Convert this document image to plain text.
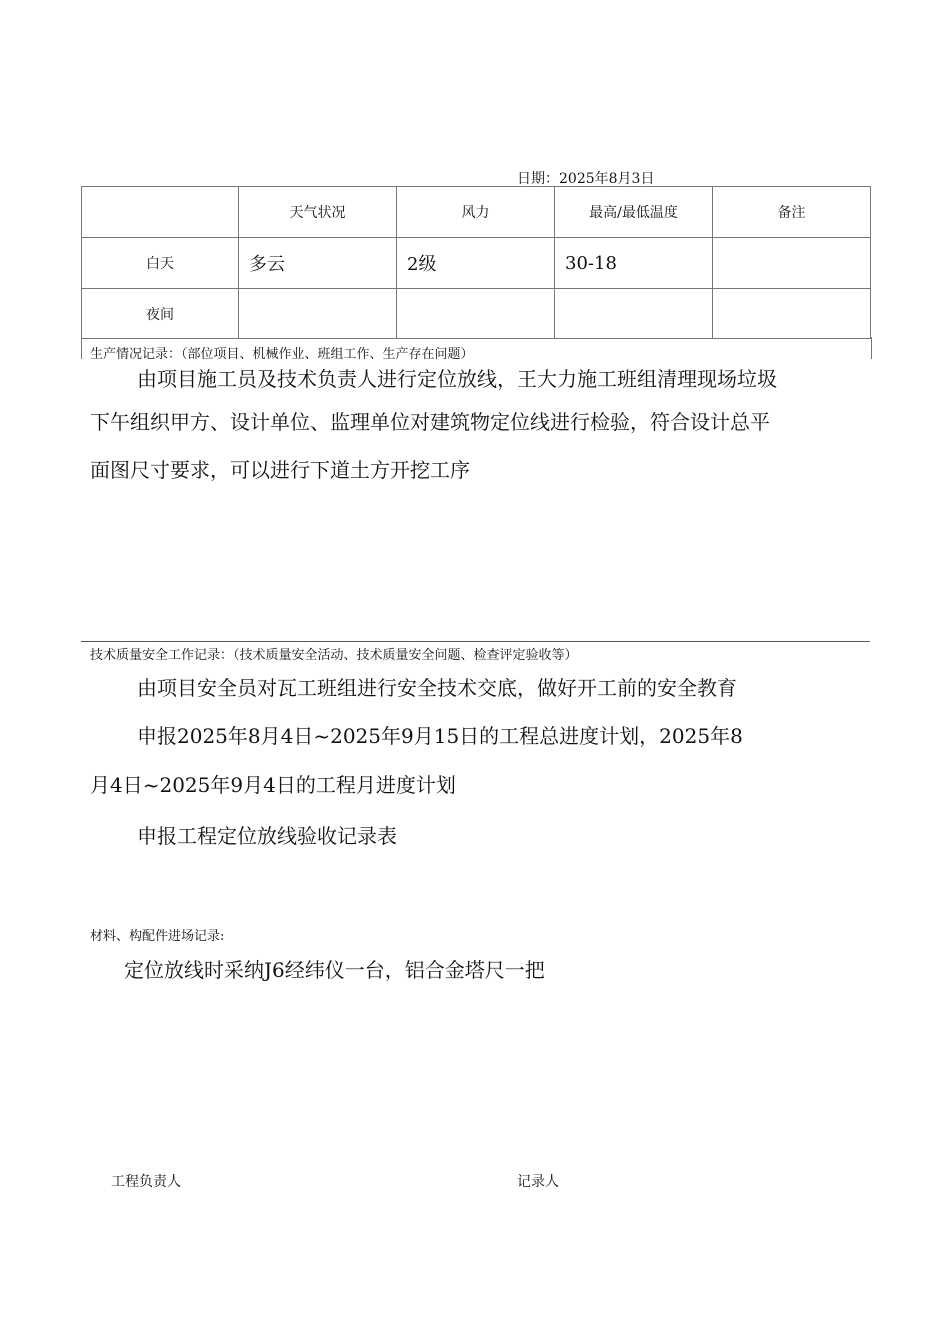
日期：2025年8月3日
	天气状况	风力	最高/最低温度	备注
白天	多云	2级	30-18	
夜间				
生产情况记录：（部位项目、机械作业、班组工作、生产存在问题）
由项目施工员及技术负责人进行定位放线，王大力施工班组清理现场垃圾
下午组织甲方、设计单位、监理单位对建筑物定位线进行检验，符合设计总平
面图尺寸要求，可以进行下道土方开挖工序
技术质量安全工作记录：（技术质量安全活动、技术质量安全问题、检查评定验收等）
由项目安全员对瓦工班组进行安全技术交底，做好开工前的安全教育
申报2025年8月4日~2025年9月15日的工程总进度计划，2025年8
月4日~2025年9月4日的工程月进度计划
申报工程定位放线验收记录表
材料、构配件进场记录:
定位放线时采纳J6经纬仪一台，铝合金塔尺一把
工程负责人	记录人
